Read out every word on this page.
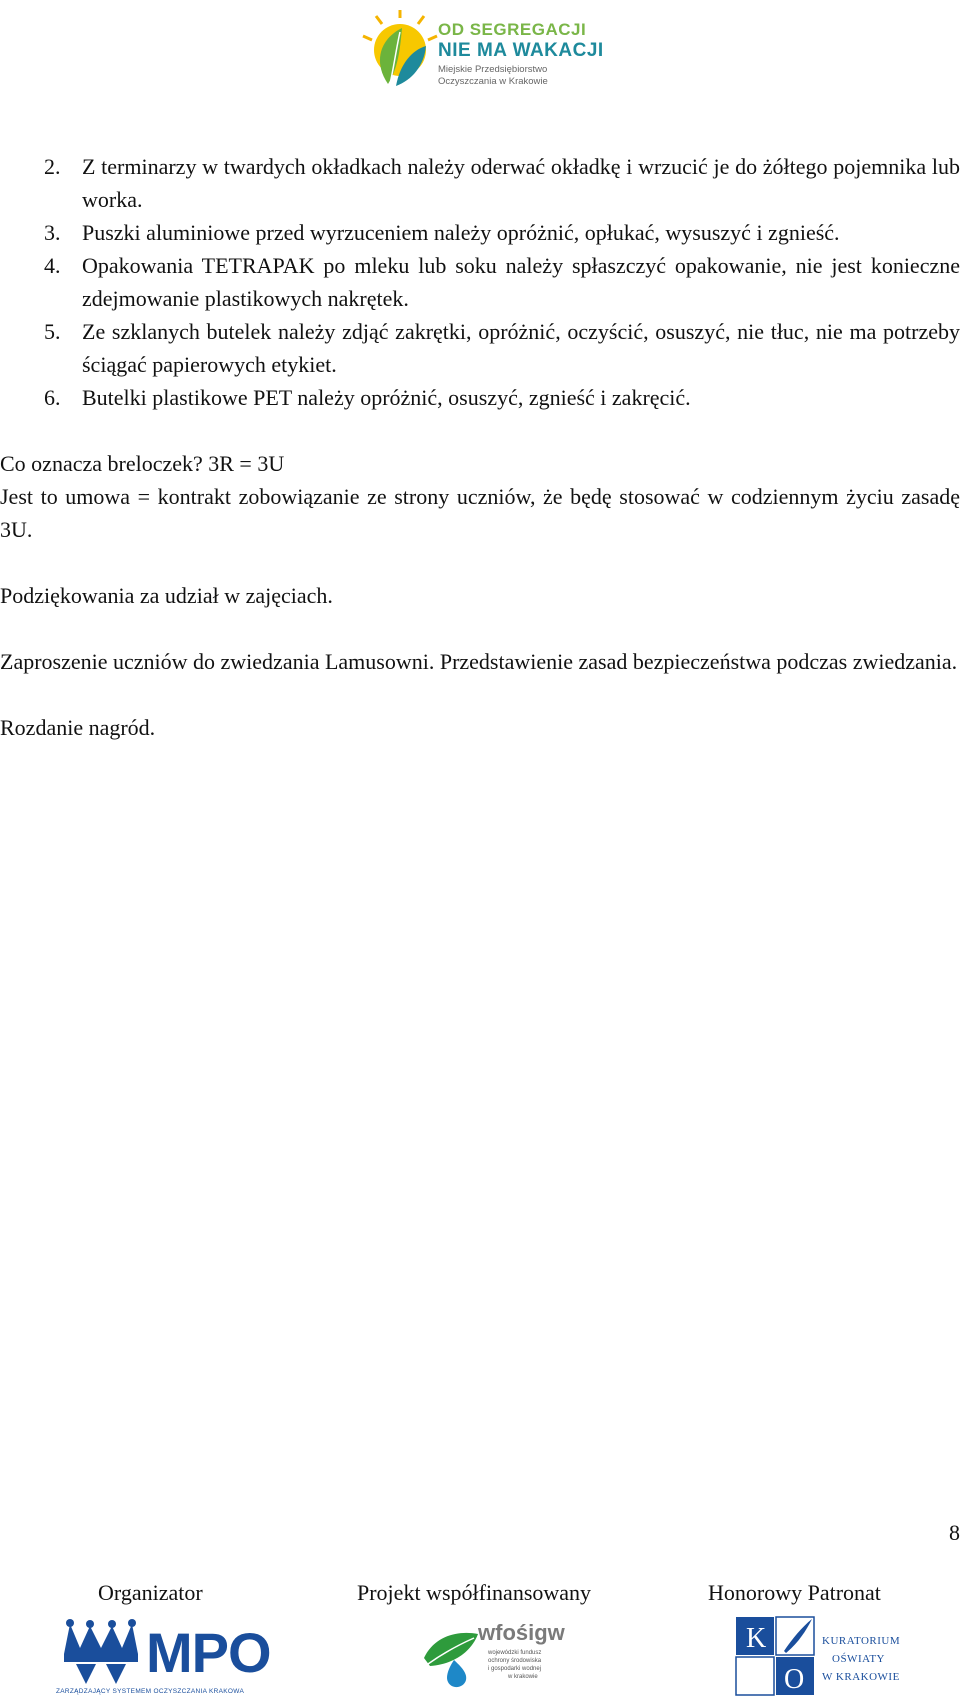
OD SEGREGACJI
NIE MA WAKACJI
Miejskie Przedsiębiorstwo
Oczyszczania w Krakowie
2. Z terminarzy w twardych okładkach należy oderwać okładkę i wrzucić je do żółtego pojemnika lub worka.
3. Puszki aluminiowe przed wyrzuceniem należy opróżnić, opłukać, wysuszyć i zgnieść.
4. Opakowania TETRAPAK po mleku lub soku należy spłaszczyć opakowanie, nie jest konieczne zdejmowanie plastikowych nakrętek.
5. Ze szklanych butelek należy zdjąć zakrętki, opróżnić, oczyścić, osuszyć, nie tłuc, nie ma potrzeby ściągać papierowych etykiet.
6. Butelki plastikowe PET należy opróżnić, osuszyć, zgnieść i zakręcić.

Co oznacza breloczek? 3R = 3U

Jest to umowa = kontrakt zobowiązanie ze strony uczniów, że będę stosować w codziennym życiu zasadę 3U.

Podziękowania za udział w zajęciach.

Zaproszenie uczniów do zwiedzania Lamusowni. Przedstawienie zasad bezpieczeństwa podczas zwiedzania.

Rozdanie nagród.

8
Organizator	Projekt współfinansowany	Honorowy Patronat
MPO
ZARZĄDZAJĄCY SYSTEMEM OCZYSZCZANIA KRAKOWA
wfośigw
wojewódzki fundusz
ochrony środowiska
i gospodarki wodnej
w krakowie
K
O
KURATORIUM
OŚWIATY
W KRAKOWIE
